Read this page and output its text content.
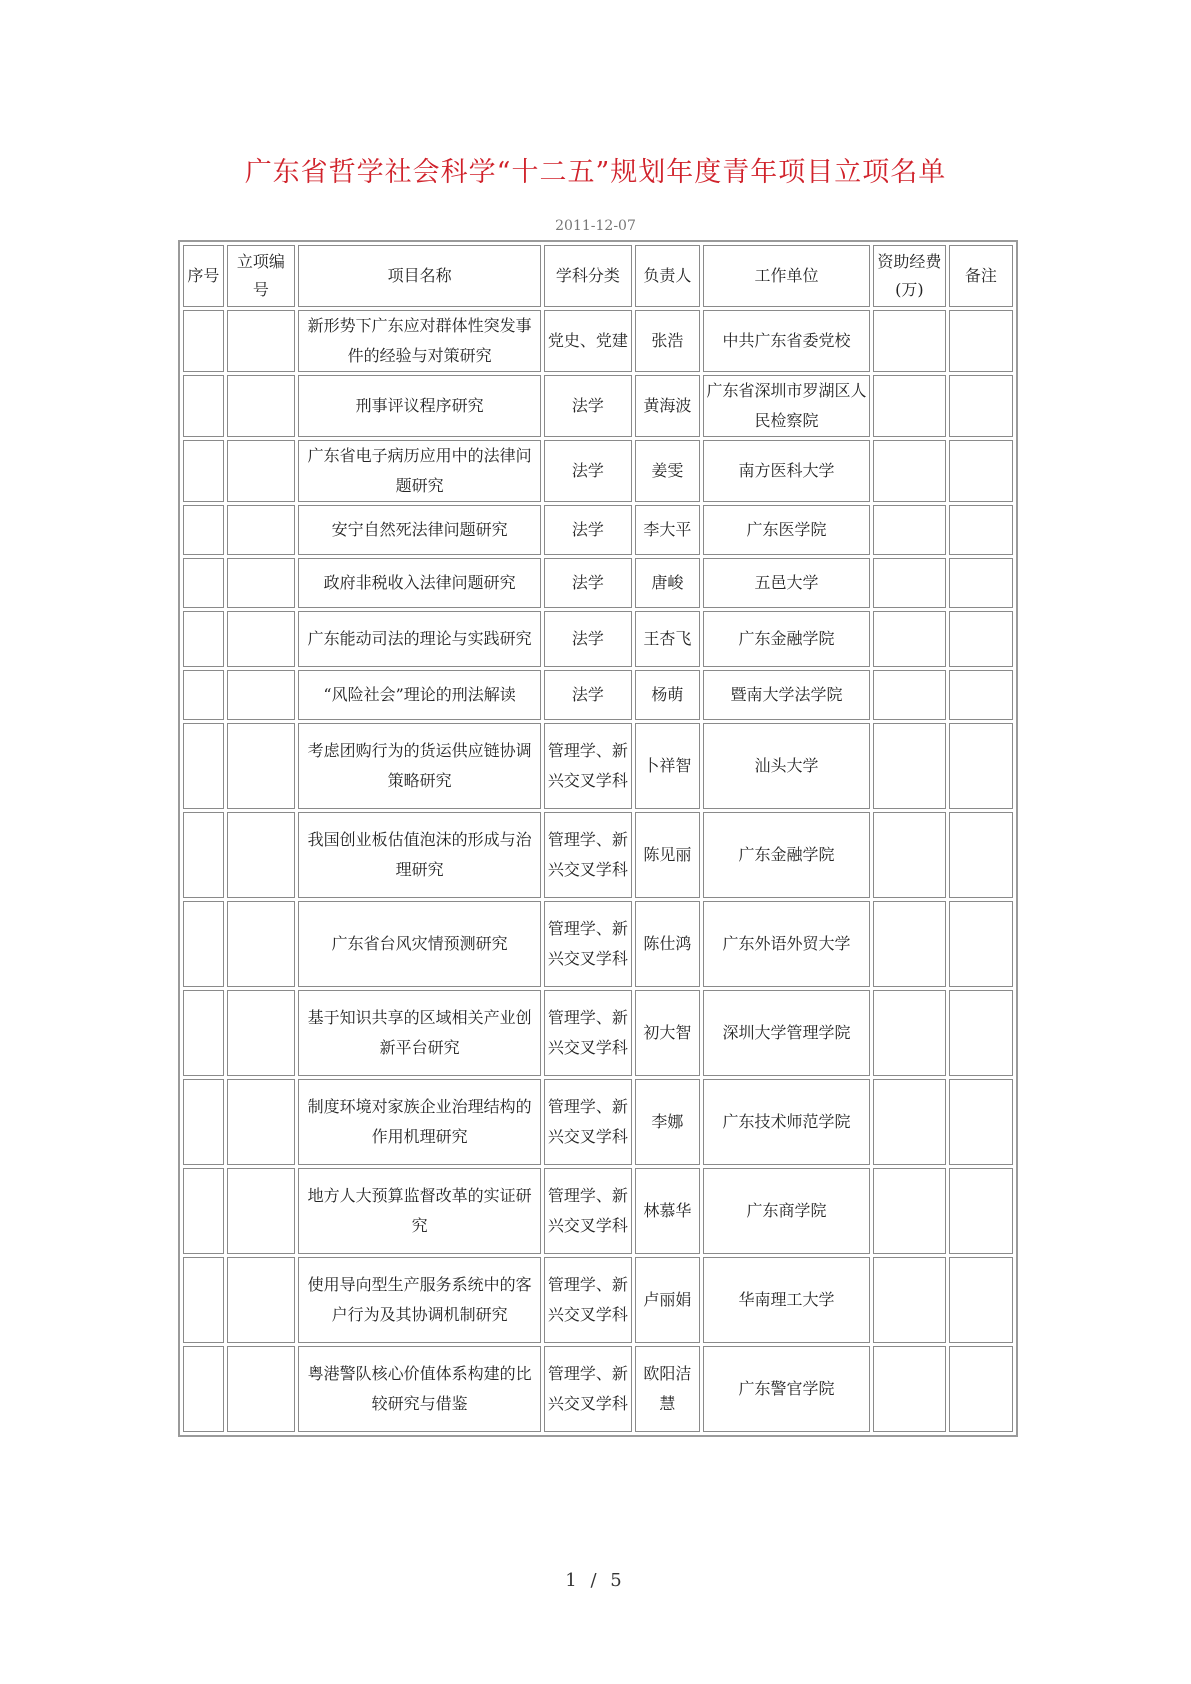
广东省哲学社会科学“十二五”规划年度青年项目立项名单
2011-12-07
序号	立项编号	项目名称	学科分类	负责人	工作单位	资助经费(万)	备注
		新形势下广东应对群体性突发事件的经验与对策研究	党史、党建	张浩	中共广东省委党校		
		刑事评议程序研究	法学	黄海波	广东省深圳市罗湖区人民检察院		
		广东省电子病历应用中的法律问题研究	法学	姜雯	南方医科大学		
		安宁自然死法律问题研究	法学	李大平	广东医学院		
		政府非税收入法律问题研究	法学	唐峻	五邑大学		
		广东能动司法的理论与实践研究	法学	王杏飞	广东金融学院		
		“风险社会”理论的刑法解读	法学	杨萌	暨南大学法学院		
		考虑团购行为的货运供应链协调策略研究	管理学、新兴交叉学科	卜祥智	汕头大学		
		我国创业板估值泡沫的形成与治理研究	管理学、新兴交叉学科	陈见丽	广东金融学院		
		广东省台风灾情预测研究	管理学、新兴交叉学科	陈仕鸿	广东外语外贸大学		
		基于知识共享的区域相关产业创新平台研究	管理学、新兴交叉学科	初大智	深圳大学管理学院		
		制度环境对家族企业治理结构的作用机理研究	管理学、新兴交叉学科	李娜	广东技术师范学院		
		地方人大预算监督改革的实证研究	管理学、新兴交叉学科	林慕华	广东商学院		
		使用导向型生产服务系统中的客户行为及其协调机制研究	管理学、新兴交叉学科	卢丽娟	华南理工大学		
		粤港警队核心价值体系构建的比较研究与借鉴	管理学、新兴交叉学科	欧阳洁慧	广东警官学院		
1 / 5
